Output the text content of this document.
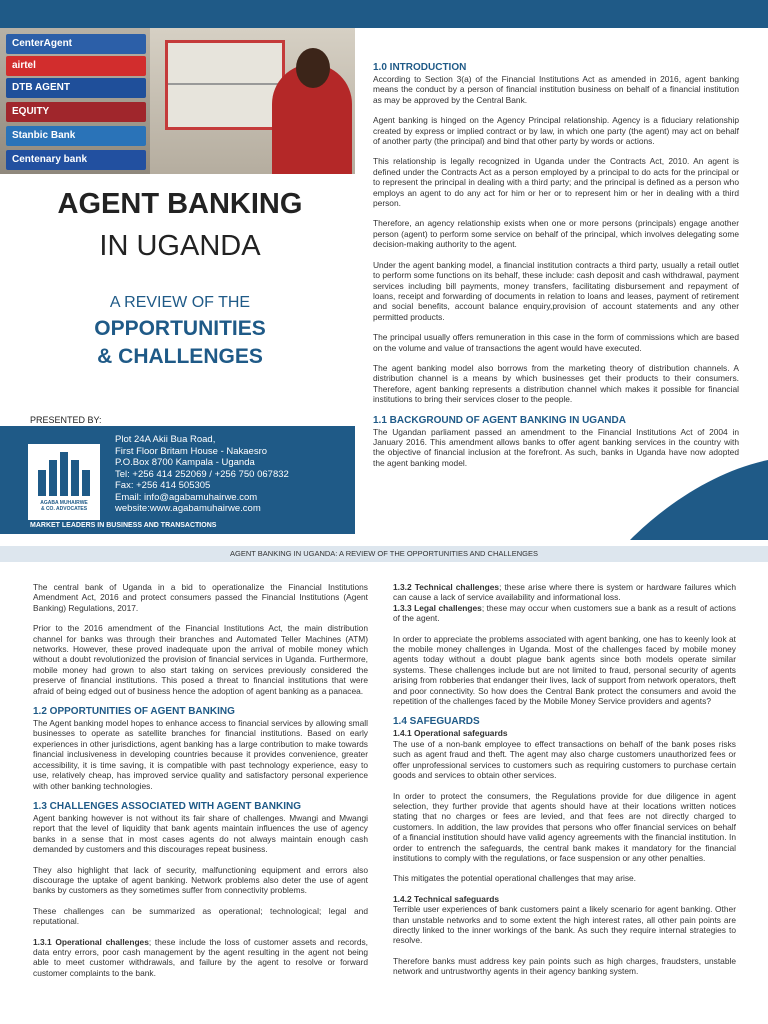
CenterAgent
airtel
DTB AGENT
EQUITY
Stanbic Bank
Centenary bank
AGENT BANKING
IN UGANDA
A REVIEW OF THE
OPPORTUNITIES
& CHALLENGES
PRESENTED BY:
AGABA MUHAIRWE
& CO. ADVOCATES
Plot 24A Akii Bua Road,
First Floor Britam House - Nakaesro
P.O.Box 8700 Kampala - Uganda
Tel: +256 414 252069 / +256 750 067832
Fax: +256 414 505305
Email: info@agabamuhairwe.com
website:www.agabamuhairwe.com
MARKET LEADERS IN BUSINESS AND TRANSACTIONS
1.0 INTRODUCTION

According to Section 3(a) of the Financial Institutions Act as amended in 2016, agent banking means the conduct by a person of financial institution business on behalf of a financial institution as may be approved by the Central Bank.

Agent banking is hinged on the Agency Principal relationship. Agency is a fiduciary relationship created by express or implied contract or by law, in which one party (the agent) may act on behalf of another party (the principal) and bind that other party by words or actions.

This relationship is legally recognized in Uganda under the Contracts Act, 2010. An agent is defined under the Contracts Act as a person employed by a principal to do acts for the principal or to represent the principal in dealing with a third party; and the principal is defined as a person who employs an agent to do any act for him or her or to represent him or her in dealing with a third person.

Therefore, an agency relationship exists when one or more persons (principals) engage another person (agent) to perform some service on behalf of the principal, which involves delegating some decision-making authority to the agent.

Under the agent banking model, a financial institution contracts a third party, usually a retail outlet to perform some functions on its behalf, these include: cash deposit and cash withdrawal, payment services including bill payments, money transfers, facilitating disbursement and repayment of loans, receipt and forwarding of documents in relation to loans and leases, payment of retirement and social benefits, account balance enquiry,provision of account statements and any other permitted products.

The principal usually offers remuneration in this case in the form of commissions which are based on the volume and value of transactions the agent would have executed.

The agent banking model also borrows from the marketing theory of distribution channels. A distribution channel is a means by which businesses get their products to their consumers. Therefore, agent banking represents a distribution channel which makes it possible for financial institutions to bring their services closer to the people.

1.1 BACKGROUND OF AGENT BANKING IN UGANDA

The Ugandan parliament passed an amendment to the Financial Institutions Act of 2004 in January 2016. This amendment allows banks to offer agent banking services in the country with the objective of financial inclusion at the forefront. As such, banks in Uganda have now adopted the agent banking model.

AGENT BANKING IN UGANDA: A REVIEW OF THE OPPORTUNITIES AND CHALLENGES

The central bank of Uganda in a bid to operationalize the Financial Institutions Amendment Act, 2016 and protect consumers passed the Financial Institutions (Agent Banking) Regulations, 2017.

Prior to the 2016 amendment of the Financial Institutions Act, the main distribution channel for banks was through their branches and Automated Teller Machines (ATM) networks. However, these proved inadequate upon the arrival of mobile money which without a doubt revolutionized the provision of financial services in Uganda. Furthermore, mobile money had grown to also start taking on services previously considered the preserve of financial institutions. This posed a threat to financial institutions that were afraid of being edged out of business hence the adoption of agent banking as a panacea.

1.2 OPPORTUNITIES OF AGENT BANKING

The Agent banking model hopes to enhance access to financial services by allowing small businesses to operate as satellite branches for financial institutions. Based on early experiences in other jurisdictions, agent banking has a large contribution to make towards financial inclusiveness in developing countries because it provides convenience, greater accessibility, it is time saving, it is compatible with past technology experience, easy to use, relatively cheap, has improved service quality and satisfactory personal experience with other banking technologies.

1.3 CHALLENGES ASSOCIATED WITH AGENT BANKING

Agent banking however is not without its fair share of challenges. Mwangi and Mwangi report that the level of liquidity that bank agents maintain influences the use of agency banks in a sense that in most cases agents do not always maintain enough cash demanded by customers and this discourages repeat business.

They also highlight that lack of security, malfunctioning equipment and errors also discourage the uptake of agent banking. Network problems also deter the use of agent banks by customers as they sometimes suffer from connectivity problems.

These challenges can be summarized as operational; technological; legal and reputational.

1.3.1 Operational challenges; these include the loss of customer assets and records, data entry errors, poor cash management by the agent resulting in the agent not being able to meet customer withdrawals, and failure by the agent to resolve or forward customer complaints to the bank.

1.3.2 Technical challenges; these arise where there is system or hardware failures which can cause a lack of service availability and informational loss.

1.3.3 Legal challenges; these may occur when customers sue a bank as a result of actions of the agent.

In order to appreciate the problems associated with agent banking, one has to keenly look at the mobile money challenges in Uganda. Most of the challenges faced by mobile money agents today without a doubt plague bank agents since both models operate similar systems. These challenges include but are not limited to fraud, personal security of agents arising from robberies that endanger their lives, lack of support from network operators, theft and poor connectivity. So how does the Central Bank protect the consumers and avoid the repetition of the challenges faced by the Mobile Money Service providers and agents?

1.4 SAFEGUARDS
1.4.1 Operational safeguards

The use of a non-bank employee to effect transactions on behalf of the bank poses risks such as agent fraud and theft. The agent may also charge customers unauthorized fees or offer unprofessional services to customers such as requiring customers to purchase certain goods and services to obtain other services.

In order to protect the consumers, the Regulations provide for due diligence in agent selection, they further provide that agents should have at their locations written notices stating that no charges or fees are levied, and that fees are not directly charged to customers. In addition, the law provides that persons who offer financial services on behalf of a financial institution should have valid agency agreements with the financial institution. In order to entrench the safeguards, the central bank makes it mandatory for the financial institutions to comply with the regulations, or face suspension or any other penalties.

This mitigates the potential operational challenges that may arise.

1.4.2 Technical safeguards

Terrible user experiences of bank customers paint a likely scenario for agent banking. Other than unstable networks and to some extent the high interest rates, all other pain points are directly linked to the inner workings of the bank. As such they require internal strategies to resolve.

Therefore banks must address key pain points such as high charges, fraudsters, unstable network and untrustworthy agents in their agency banking system.
